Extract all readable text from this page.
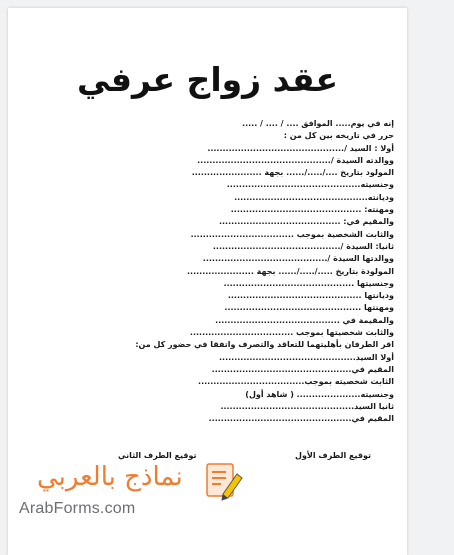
عقد زواج عرفي
إنه في يوم..... الموافق .... / .... / .....
حرر في تاريخه بين كل من :
أولا : السيد /.............................................
ووالدته السيدة /............................................
المولود بتاريخ ..../...../...... بجهة .......................
وجنسيته............................................
وديانته............................................
ومهنته: ...........................................
والمقيم في: ........................................
والثابت الشخصية بموجب ..................................
ثانيا: السيدة /..........................................
ووالدتها السيدة /.........................................
المولودة بتاريخ ...../...../...... بجهة ......................
وجنسيتها ...........................................
وديانتها ............................................
ومهنتها .............................................
والمقيمة في .........................................
والثابت شخصيتها بموجب ..................................
اقر الطرفان بأهليتهما للتعاقد والتصرف واتفقا في حضور كل من:
أولا السيد.............................................
المقيم في..............................................
الثابت شخصيته بموجب...................................
وجنسيته..................... ( شاهد أول)
ثانيا السيد............................................
المقيم في...............................................
توقيع الطرف الأول
توقيع الطرف الثاني
نماذج بالعربي
ArabForms.com
